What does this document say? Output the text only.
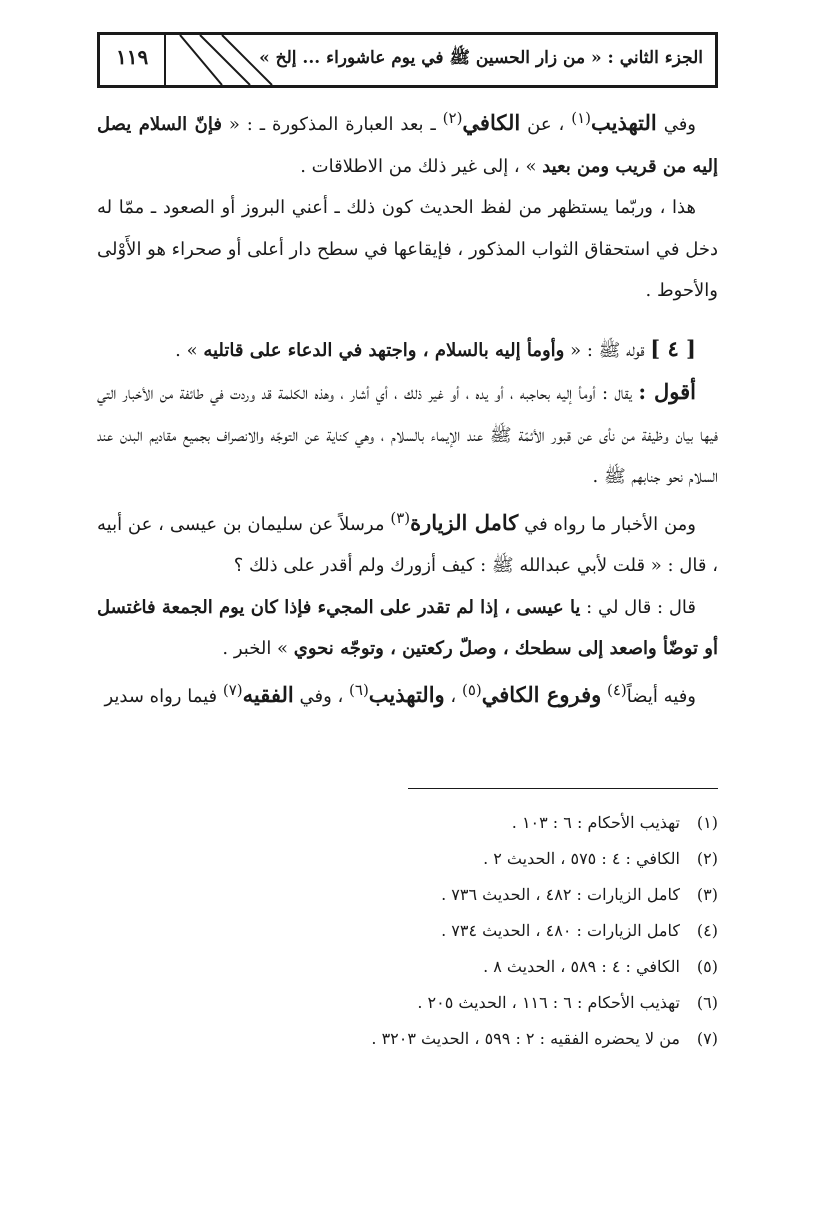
١١٩	الجزء الثاني : « من زار الحسين ﷺ في يوم عاشوراء ... إلخ »

وفي التهذيب$^{(١)}$ ، عن الكافي$^{(٢)}$ ـ بعد العبارة المذكورة ـ : « فإنّ السلام يصل إليه من قريب ومن بعيد » ، إلى غير ذلك من الاطلاقات .

هذا ، وربّما يستظهر من لفظ الحديث كون ذلك ـ أعني البروز أو الصعود ـ ممّا له دخل في استحقاق الثواب المذكور ، فإيقاعها في سطح دار أعلى أو صحراء هو الأَوْلى والأحوط .

[ ٤ ] قوله ﷺ : « وأومأ إليه بالسلام ، واجتهد في الدعاء على قاتليه » .

أقول : يقال : أومأ إليه بحاجبه ، أو يده ، أو غير ذلك ، أي أشار ، وهذه الكلمة قد وردت في طائفة من الأخبار التي فيها بيان وظيفة من نأى عن قبور الأئمّة ﷺ عند الإيماء بالسلام ، وهي كناية عن التوجّه والانصراف بجميع مقاديم البدن عند السلام نحو جنابهم ﷺ .

ومن الأخبار ما رواه في كامل الزيارة$^{(٣)}$ مرسلاً عن سليمان بن عيسى ، عن أبيه ، قال : « قلت لأبي عبدالله ﷺ : كيف أزورك ولم أقدر على ذلك ؟

قال : قال لي : يا عيسى ، إذا لم تقدر على المجيء فإذا كان يوم الجمعة فاغتسل أو توضّأ واصعد إلى سطحك ، وصلّ ركعتين ، وتوجّه نحوي » الخبر .

وفيه أيضاً$^{(٤)}$ وفروع الكافي$^{(٥)}$ ، والتهذيب$^{(٦)}$ ، وفي الفقيه$^{(٧)}$ فيما رواه سدير

(١)تهذيب الأحكام : ٦ : ١٠٣ .
(٢)الكافي : ٤ : ٥٧٥ ، الحديث ٢ .
(٣)كامل الزيارات : ٤٨٢ ، الحديث ٧٣٦ .
(٤)كامل الزيارات : ٤٨٠ ، الحديث ٧٣٤ .
(٥)الكافي : ٤ : ٥٨٩ ، الحديث ٨ .
(٦)تهذيب الأحكام : ٦ : ١١٦ ، الحديث ٢٠٥ .
(٧)من لا يحضره الفقيه : ٢ : ٥٩٩ ، الحديث ٣٢٠٣ .
